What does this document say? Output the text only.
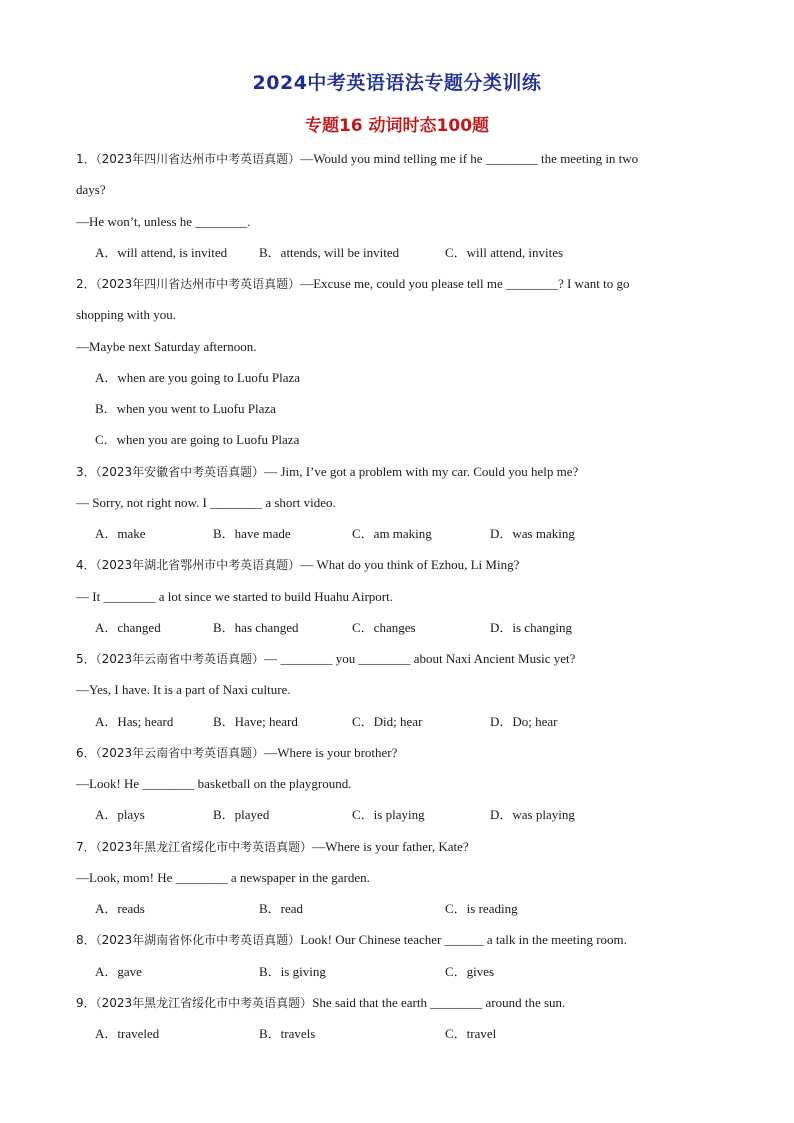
2024中考英语语法专题分类训练
专题16 动词时态100题
1．（2023年四川省达州市中考英语真题）—Would you mind telling me if he ________ the meeting in two
days?
—He won’t, unless he ________.
A．will attend, is invited B．attends, will be invited	C．will attend, invites
2．（2023年四川省达州市中考英语真题）—Excuse me, could you please tell me ________? I want to go
shopping with you.
—Maybe next Saturday afternoon.
A．when are you going to Luofu Plaza
B．when you went to Luofu Plaza
C．when you are going to Luofu Plaza
3．（2023年安徽省中考英语真题）— Jim, I’ve got a problem with my car. Could you help me?
— Sorry, not right now. I ________ a short video.
A．make	B．have made	C．am making	D．was making
4．（2023年湖北省鄂州市中考英语真题）— What do you think of Ezhou, Li Ming?
— It ________ a lot since we started to build Huahu Airport.
A．changed	B．has changed	C．changes	D．is changing
5．（2023年云南省中考英语真题）— ________ you ________ about Naxi Ancient Music yet?
—Yes, I have. It is a part of Naxi culture.
A．Has; heard	B．Have; heard	C．Did; hear	D．Do; hear
6．（2023年云南省中考英语真题）—Where is your brother?
—Look! He ________ basketball on the playground.
A．plays	B．played	C．is playing	D．was playing
7．（2023年黑龙江省绥化市中考英语真题）—Where is your father, Kate?
—Look, mom! He ________ a newspaper in the garden.
A．reads	B．read	C．is reading
8．（2023年湖南省怀化市中考英语真题）Look! Our Chinese teacher ______ a talk in the meeting room.
A．gave	B．is giving	C．gives
9．（2023年黑龙江省绥化市中考英语真题）She said that the earth ________ around the sun.
A．traveled	B．travels	C．travel
